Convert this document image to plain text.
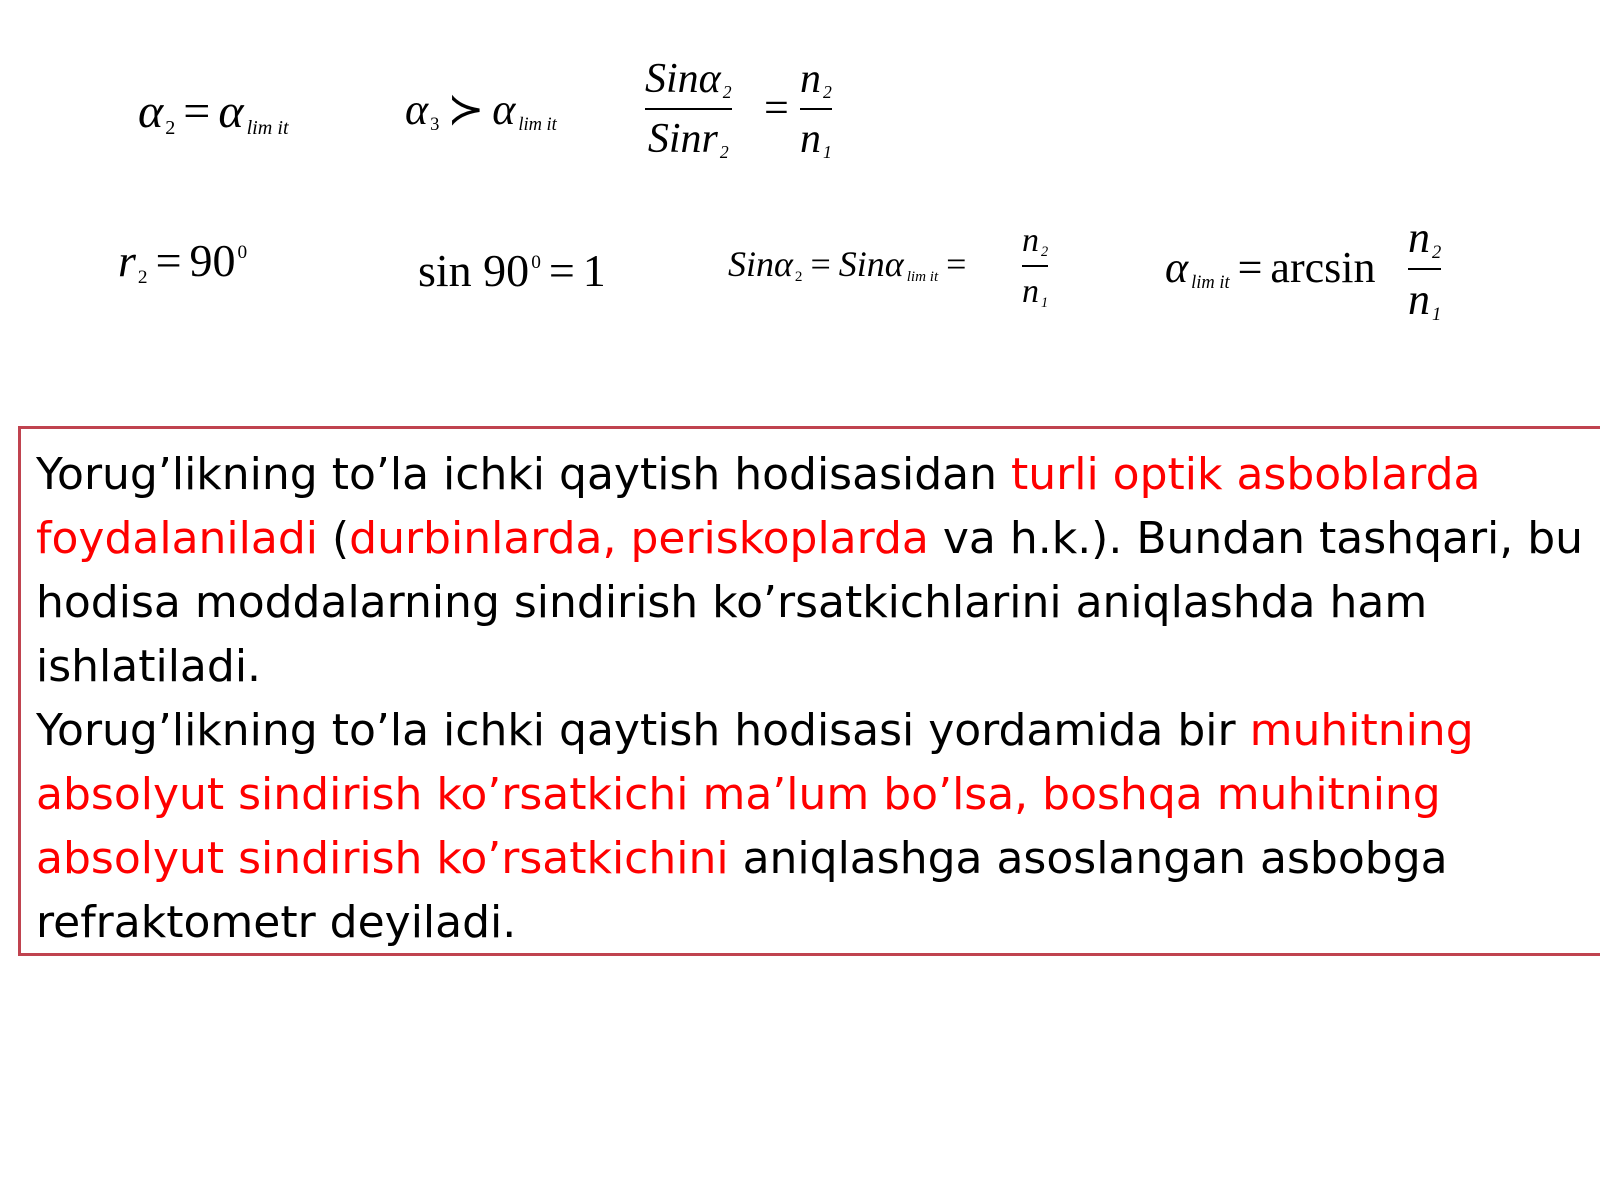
$\alpha_2 = \alpha$ lim it	α $_3$ ≻ α lim it
Sinα $_2$
Sinr $_2$
=
n $_2$
n $_1$
r $_2$ = 90 $^0$	sin 90 $^0$ = 1	Sinα $_2$ = Sinα lim it =
n $_2$
n $_1$
αlim it = arcsin
n $_2$
n $_1$
Yorug’likning to’la ichki qaytish hodisasidan turli optik asboblarda
foydalaniladi (durbinlarda, periskoplarda va h.k.). Bundan tashqari, bu
hodisa moddalarning sindirish ko’rsatkichlarini aniqlashda ham
ishlatiladi.
Yorug’likning to’la ichki qaytish hodisasi yordamida bir muhitning
absolyut sindirish ko’rsatkichi ma’lum bo’lsa, boshqa muhitning
absolyut sindirish ko’rsatkichini aniqlashga asoslangan asbobga
refraktometr deyiladi.
